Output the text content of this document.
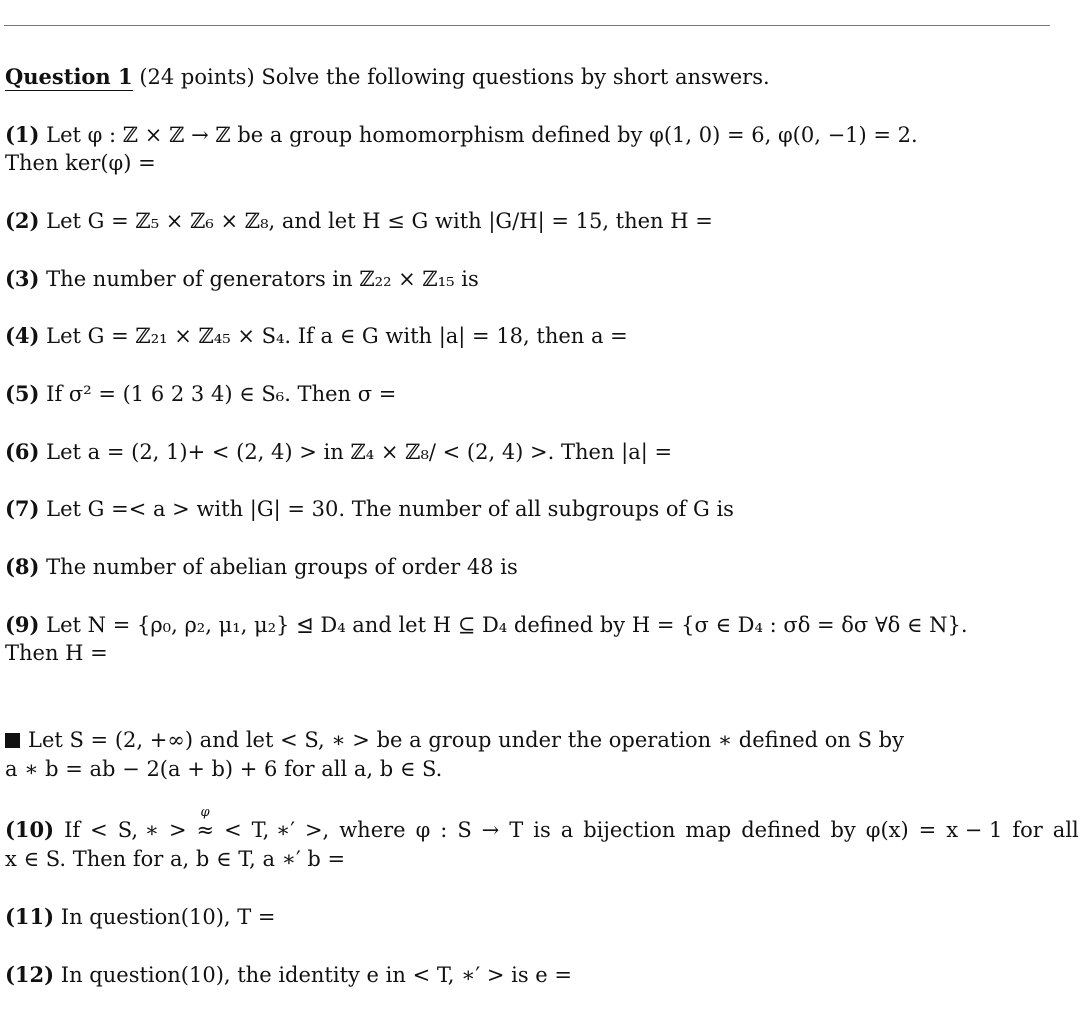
Question 1 (24 points) Solve the following questions by short answers.
(1) Let φ : ℤ × ℤ → ℤ be a group homomorphism defined by φ(1, 0) = 6, φ(0, −1) = 2.
Then ker(φ) =
(2) Let G = ℤ₅ × ℤ₆ × ℤ₈, and let H ≤ G with |G/H| = 15, then H =
(3) The number of generators in ℤ₂₂ × ℤ₁₅ is
(4) Let G = ℤ₂₁ × ℤ₄₅ × S₄. If a ∈ G with |a| = 18, then a =
(5) If σ² = (1 6 2 3 4) ∈ S₆. Then σ =
(6) Let a = (2, 1)+ < (2, 4) > in ℤ₄ × ℤ₈/ < (2, 4) >. Then |a| =
(7) Let G =< a > with |G| = 30. The number of all subgroups of G is
(8) The number of abelian groups of order 48 is
(9) Let N = {ρ₀, ρ₂, μ₁, μ₂} ⊴ D₄ and let H ⊆ D₄ defined by H = {σ ∈ D₄ : σδ = δσ ∀δ ∈ N}.
Then H =
Let S = (2, +∞) and let < S, ∗ > be a group under the operation ∗ defined on S by
a ∗ b = ab − 2(a + b) + 6 for all a, b ∈ S.
(10) If < S, ∗ >
φ
≈ < T, ∗′ >, where φ : S → T is a bijection map defined by φ(x) = x − 1 for all
x ∈ S. Then for a, b ∈ T, a ∗′ b =
(11) In question(10), T =
(12) In question(10), the identity e in < T, ∗′ > is e =
